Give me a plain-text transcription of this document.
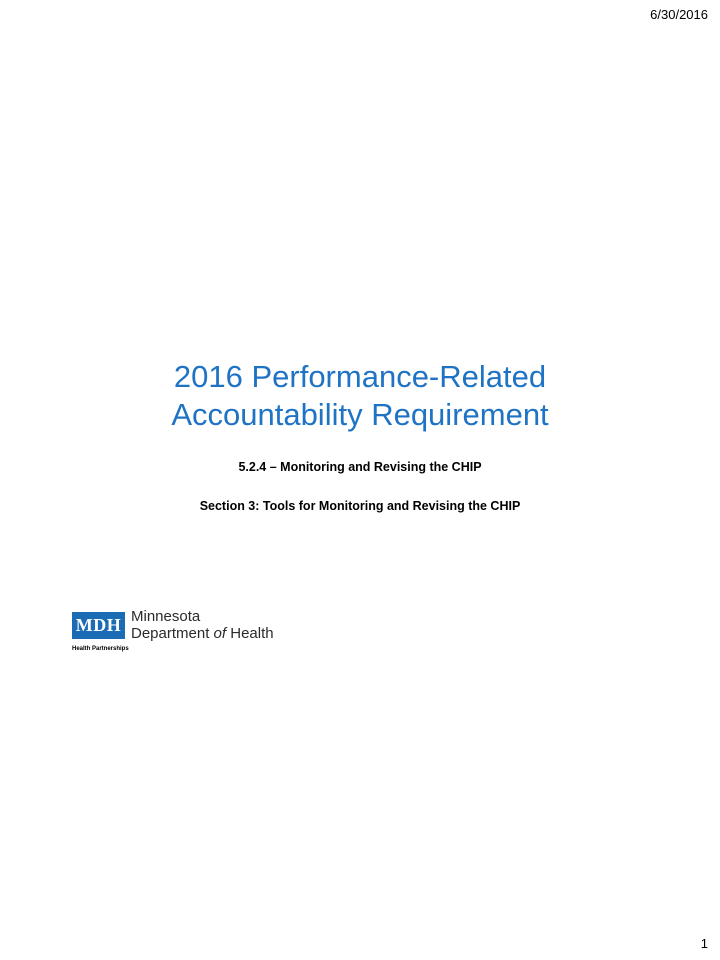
6/30/2016
2016 Performance-Related
Accountability Requirement

5.2.4 – Monitoring and Revising the CHIP

Section 3: Tools for Monitoring and Revising the CHIP

MDH Minnesota
Department of Health
Health Partnerships
1
